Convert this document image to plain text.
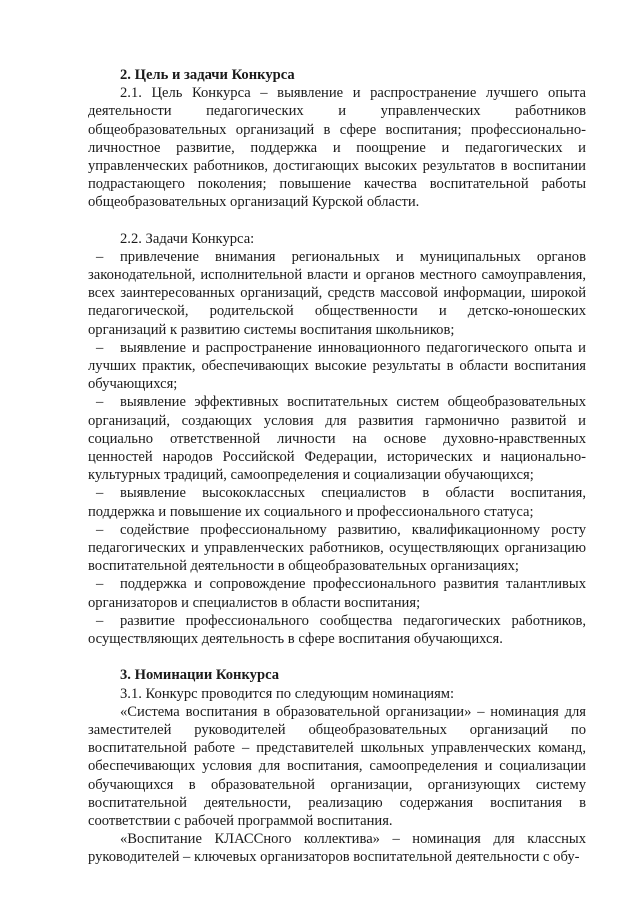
2. Цель и задачи Конкурса

2.1. Цель Конкурса – выявление и распространение лучшего опыта деятельности педагогических и управленческих работников общеобразовательных организаций в сфере воспитания; профессионально-личностное развитие, поддержка и поощрение и педагогических и управленческих работников, достигающих высоких результатов в воспитании подрастающего поколения; повышение качества воспитательной работы общеобразовательных организаций Курской области.

2.2. Задачи Конкурса:

– привлечение внимания региональных и муниципальных органов законодательной, исполнительной власти и органов местного самоуправления, всех заинтересованных организаций, средств массовой информации, широкой педагогической, родительской общественности и детско-юношеских организаций к развитию системы воспитания школьников;
– выявление и распространение инновационного педагогического опыта и лучших практик, обеспечивающих высокие результаты в области воспитания обучающихся;
– выявление эффективных воспитательных систем общеобразовательных организаций, создающих условия для развития гармонично развитой и социально ответственной личности на основе духовно-нравственных ценностей народов Российской Федерации, исторических и национально-культурных традиций, самоопределения и социализации обучающихся;
– выявление высококлассных специалистов в области воспитания, поддержка и повышение их социального и профессионального статуса;
– содействие профессиональному развитию, квалификационному росту педагогических и управленческих работников, осуществляющих организацию воспитательной деятельности в общеобразовательных организациях;
– поддержка и сопровождение профессионального развития талантливых организаторов и специалистов в области воспитания;
– развитие профессионального сообщества педагогических работников, осуществляющих деятельность в сфере воспитания обучающихся.

3. Номинации Конкурса

3.1. Конкурс проводится по следующим номинациям:

«Система воспитания в образовательной организации» – номинация для заместителей руководителей общеобразовательных организаций по воспитательной работе – представителей школьных управленческих команд, обеспечивающих условия для воспитания, самоопределения и социализации обучающихся в образовательной организации, организующих систему воспитательной деятельности, реализацию содержания воспитания в соответствии с рабочей программой воспитания.

«Воспитание КЛАССного коллектива» – номинация для классных руководителей – ключевых организаторов воспитательной деятельности с обу-
